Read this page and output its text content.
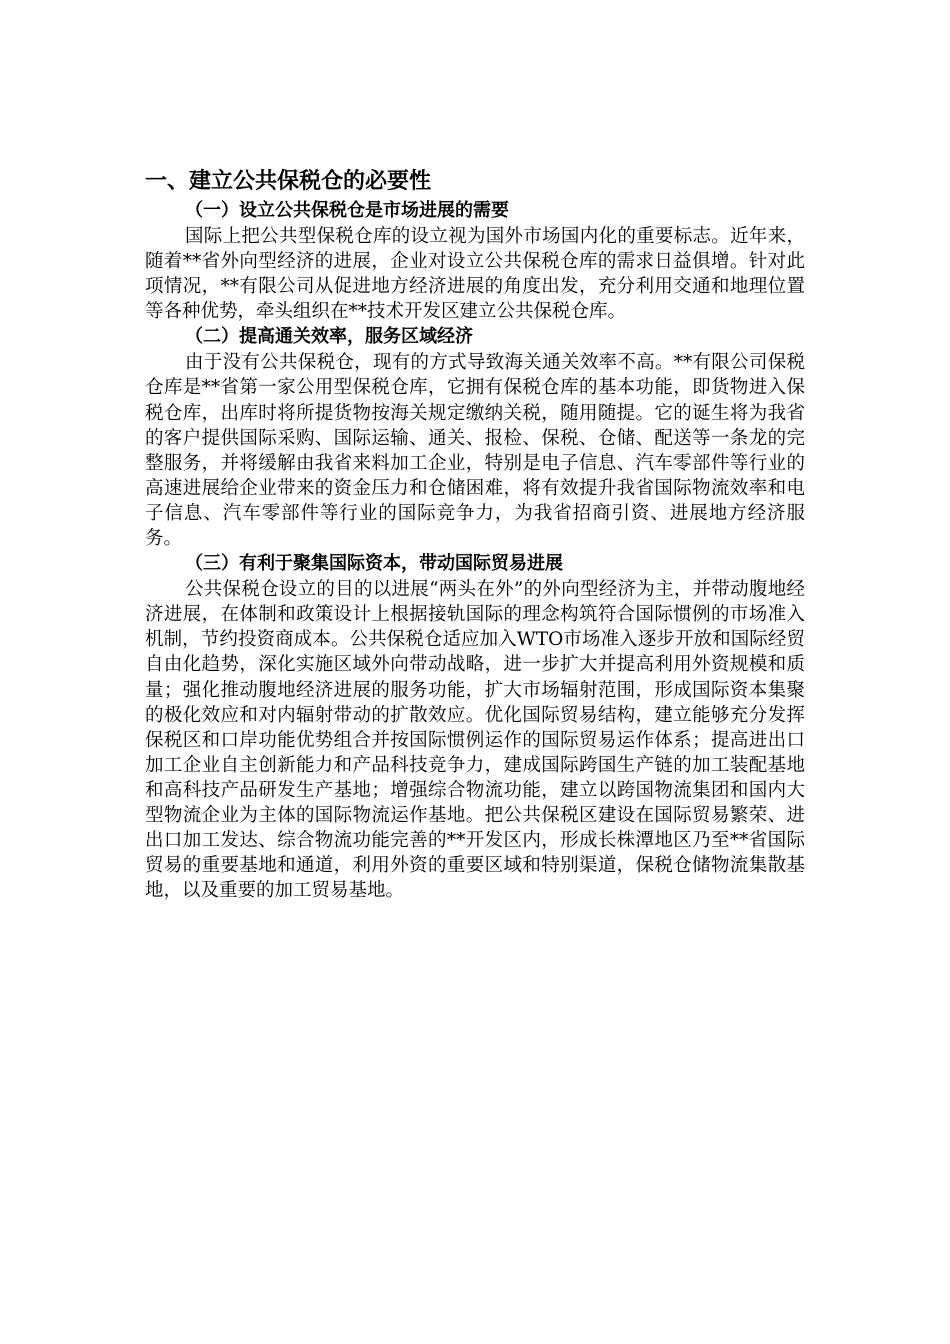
一、建立公共保税仓的必要性
（一）设立公共保税仓是市场进展的需要

国际上把公共型保税仓库的设立视为国外市场国内化的重要标志。近年来，随着**省外向型经济的进展，企业对设立公共保税仓库的需求日益俱增。针对此项情况，**有限公司从促进地方经济进展的角度出发，充分利用交通和地理位置等各种优势，牵头组织在**技术开发区建立公共保税仓库。

（二）提高通关效率，服务区域经济

由于没有公共保税仓，现有的方式导致海关通关效率不高。**有限公司保税仓库是**省第一家公用型保税仓库，它拥有保税仓库的基本功能，即货物进入保税仓库，出库时将所提货物按海关规定缴纳关税，随用随提。它的诞生将为我省的客户提供国际采购、国际运输、通关、报检、保税、仓储、配送等一条龙的完整服务，并将缓解由我省来料加工企业，特别是电子信息、汽车零部件等行业的高速进展给企业带来的资金压力和仓储困难，将有效提升我省国际物流效率和电子信息、汽车零部件等行业的国际竞争力，为我省招商引资、进展地方经济服务。

（三）有利于聚集国际资本，带动国际贸易进展

公共保税仓设立的目的以进展“两头在外”的外向型经济为主，并带动腹地经济进展，在体制和政策设计上根据接轨国际的理念构筑符合国际惯例的市场准入机制，节约投资商成本。公共保税仓适应加入WTO市场准入逐步开放和国际经贸自由化趋势，深化实施区域外向带动战略，进一步扩大并提高利用外资规模和质量；强化推动腹地经济进展的服务功能，扩大市场辐射范围，形成国际资本集聚的极化效应和对内辐射带动的扩散效应。优化国际贸易结构，建立能够充分发挥保税区和口岸功能优势组合并按国际惯例运作的国际贸易运作体系；提高进出口加工企业自主创新能力和产品科技竞争力，建成国际跨国生产链的加工装配基地和高科技产品研发生产基地；增强综合物流功能，建立以跨国物流集团和国内大型物流企业为主体的国际物流运作基地。把公共保税区建设在国际贸易繁荣、进出口加工发达、综合物流功能完善的**开发区内，形成长株潭地区乃至**省国际贸易的重要基地和通道，利用外资的重要区域和特别渠道，保税仓储物流集散基地，以及重要的加工贸易基地。
